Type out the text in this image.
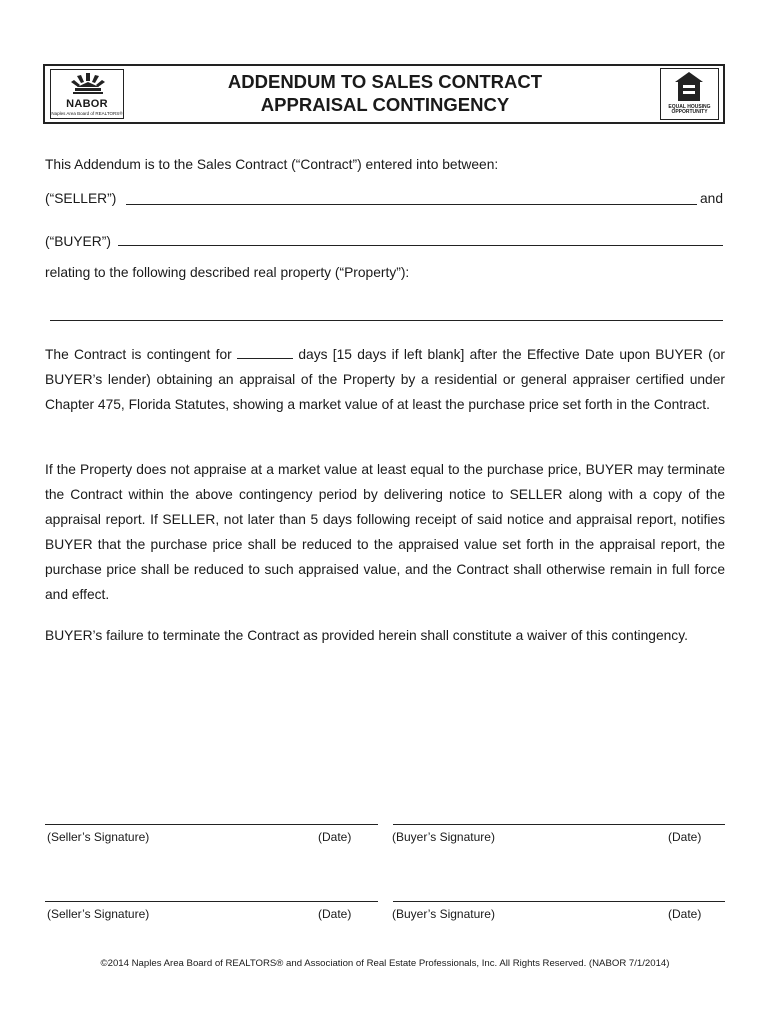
NABOR
Naples Area Board of REALTORS®
ADDENDUM TO SALES CONTRACT
APPRAISAL CONTINGENCY	EQUAL HOUSING
OPPORTUNITY
This Addendum is to the Sales Contract (“Contract”) entered into between:
(“SELLER”)	and
(“BUYER”)
relating to the following described real property (“Property”):
The Contract is contingent for	days [15 days if left blank] after the Effective Date upon BUYER (or BUYER’s lender) obtaining an appraisal of the Property by a residential or general appraiser certified under Chapter 475, Florida Statutes, showing a market value of at least the purchase price set forth in the Contract.
If the Property does not appraise at a market value at least equal to the purchase price, BUYER may terminate the Contract within the above contingency period by delivering notice to SELLER along with a copy of the appraisal report. If SELLER, not later than 5 days following receipt of said notice and appraisal report, notifies BUYER that the purchase price shall be reduced to the appraised value set forth in the appraisal report, the purchase price shall be reduced to such appraised value, and the Contract shall otherwise remain in full force and effect.
BUYER’s failure to terminate the Contract as provided herein shall constitute a waiver of this contingency.
(Seller’s Signature)	(Date)	(Buyer’s Signature)	(Date)
(Seller’s Signature)	(Date)	(Buyer’s Signature)	(Date)
©2014 Naples Area Board of REALTORS® and Association of Real Estate Professionals, Inc. All Rights Reserved. (NABOR 7/1/2014)
